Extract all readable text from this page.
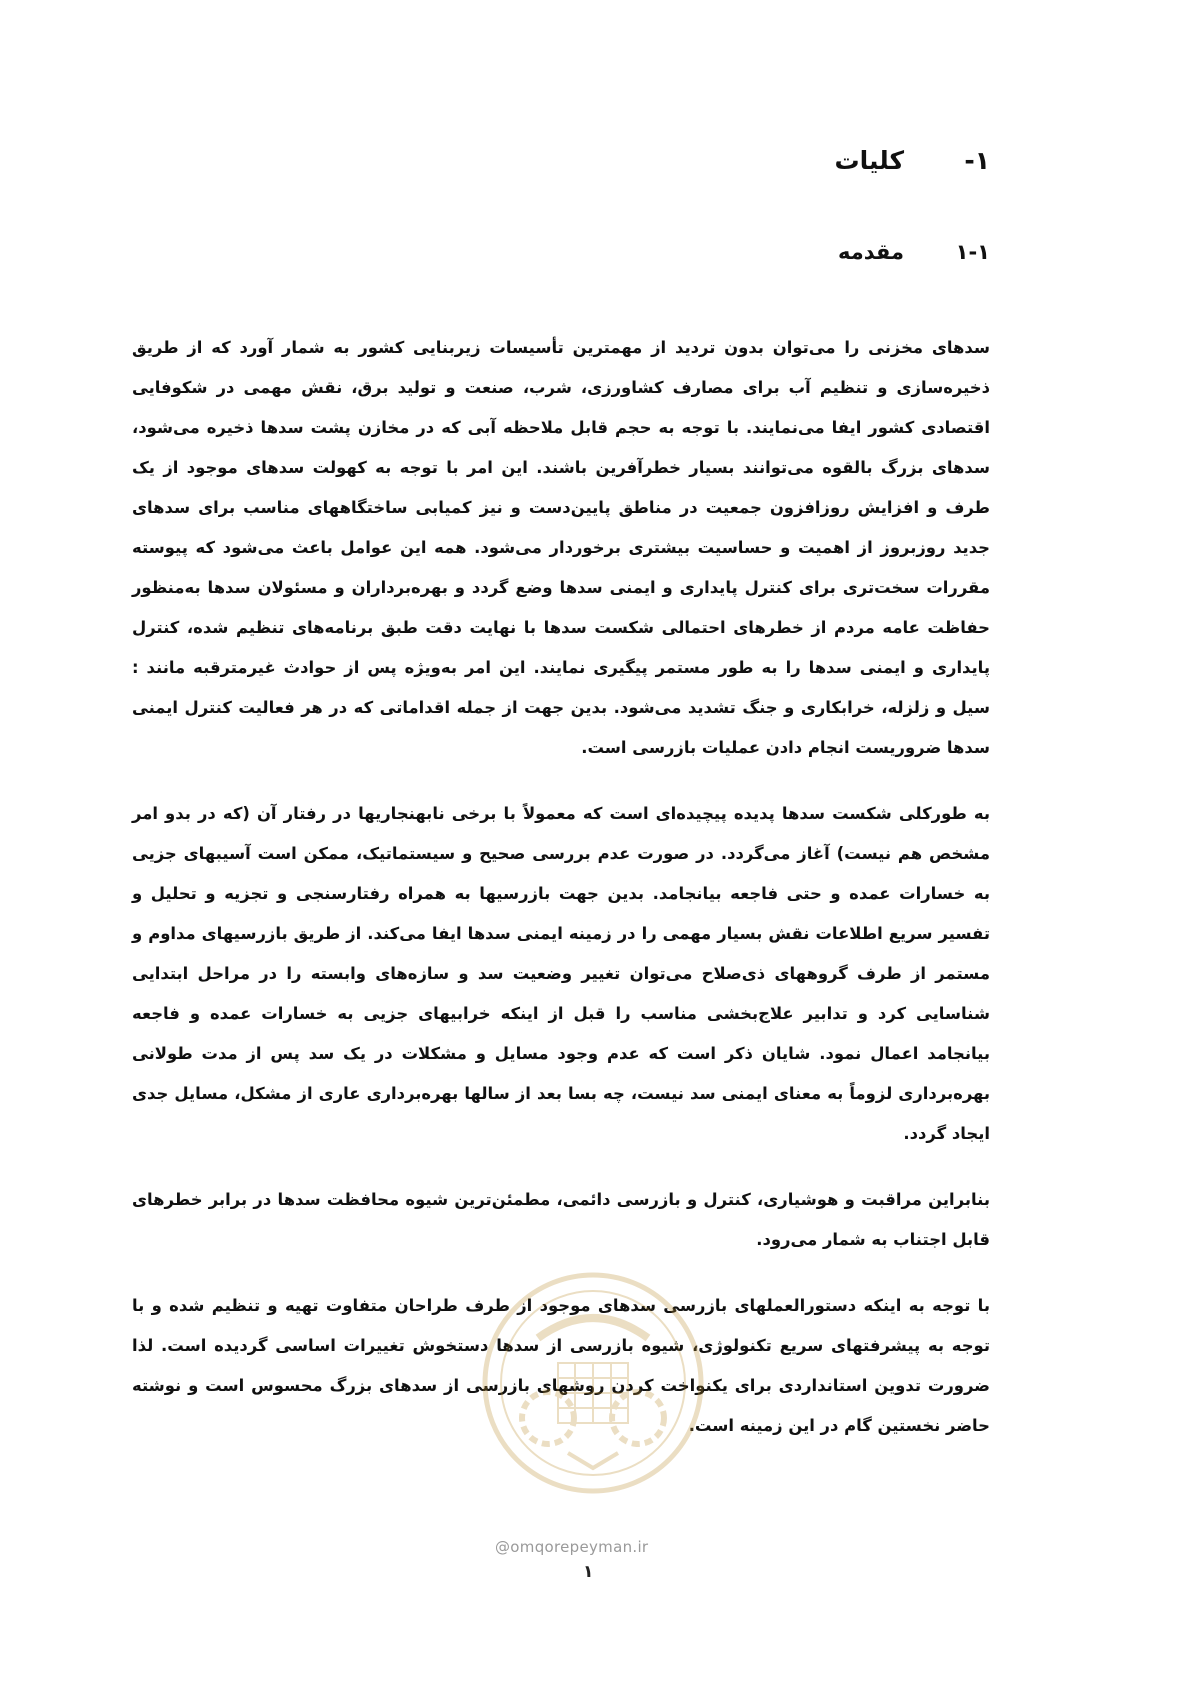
۱-
کلیات
۱-۱
مقدمه

سدهای مخزنی را می‌توان بدون تردید از مهمترین تأسیسات زیربنایی کشور به شمار آورد که از طریق ذخیره‌سازی و تنظیم آب برای مصارف کشاورزی، شرب، صنعت و تولید برق، نقش مهمی در شکوفایی اقتصادی کشور ایفا می‌نمایند. با توجه به حجم قابل ملاحظه آبی که در مخازن پشت سدها ذخیره می‌شود، سدهای بزرگ بالقوه می‌توانند بسیار خطرآفرین باشند. این امر با توجه به کهولت سدهای موجود از یک طرف و افزایش روزافزون جمعیت در مناطق پایین‌دست و نیز کمیابی ساختگاههای مناسب برای سدهای جدید روزبروز از اهمیت و حساسیت بیشتری برخوردار می‌شود. همه این عوامل باعث می‌شود که پیوسته مقررات سخت‌تری برای کنترل پایداری و ایمنی سدها وضع گردد و بهره‌برداران و مسئولان سدها به‌منظور حفاظت عامه مردم از خطرهای احتمالی شکست سدها با نهایت دقت طبق برنامه‌های تنظیم شده، کنترل پایداری و ایمنی سدها را به طور مستمر پیگیری نمایند. این امر به‌ویژه پس از حوادث غیرمترقبه مانند : سیل و زلزله، خرابکاری و جنگ تشدید می‌شود. بدین جهت از جمله اقداماتی که در هر فعالیت کنترل ایمنی سدها ضروریست انجام دادن عملیات بازرسی است.

به طورکلی شکست سدها پدیده پیچیده‌ای است که معمولاً با برخی نابهنجاریها در رفتار آن (که در بدو امر مشخص هم نیست) آغاز می‌گردد. در صورت عدم بررسی صحیح و سیستماتیک، ممکن است آسیبهای جزیی به خسارات عمده و حتی فاجعه بیانجامد. بدین جهت بازرسیها به همراه رفتارسنجی و تجزیه و تحلیل و تفسیر سریع اطلاعات نقش بسیار مهمی را در زمینه ایمنی سدها ایفا می‌کند. از طریق بازرسیهای مداوم و مستمر از طرف گروههای ذی‌صلاح می‌توان تغییر وضعیت سد و سازه‌های وابسته را در مراحل ابتدایی شناسایی کرد و تدابیر علاج‌بخشی مناسب را قبل از اینکه خرابیهای جزیی به خسارات عمده و فاجعه بیانجامد اعمال نمود. شایان ذکر است که عدم وجود مسایل و مشکلات در یک سد پس از مدت طولانی بهره‌برداری لزوماً به معنای ایمنی سد نیست، چه بسا بعد از سالها بهره‌برداری عاری از مشکل، مسایل جدی ایجاد گردد.

بنابراین مراقبت و هوشیاری، کنترل و بازرسی دائمی، مطمئن‌ترین شیوه محافظت سدها در برابر خطرهای قابل اجتناب به شمار می‌رود.

با توجه به اینکه دستورالعملهای بازرسی سدهای موجود از طرف طراحان متفاوت تهیه و تنظیم شده و با توجه به پیشرفتهای سریع تکنولوژی، شیوه بازرسی از سدها دستخوش تغییرات اساسی گردیده است. لذا ضرورت تدوین استانداردی برای یکنواخت کردن روشهای بازرسی از سدهای بزرگ محسوس است و نوشته حاضر نخستین گام در این زمینه است.

@omqorepeyman.ir
۱
